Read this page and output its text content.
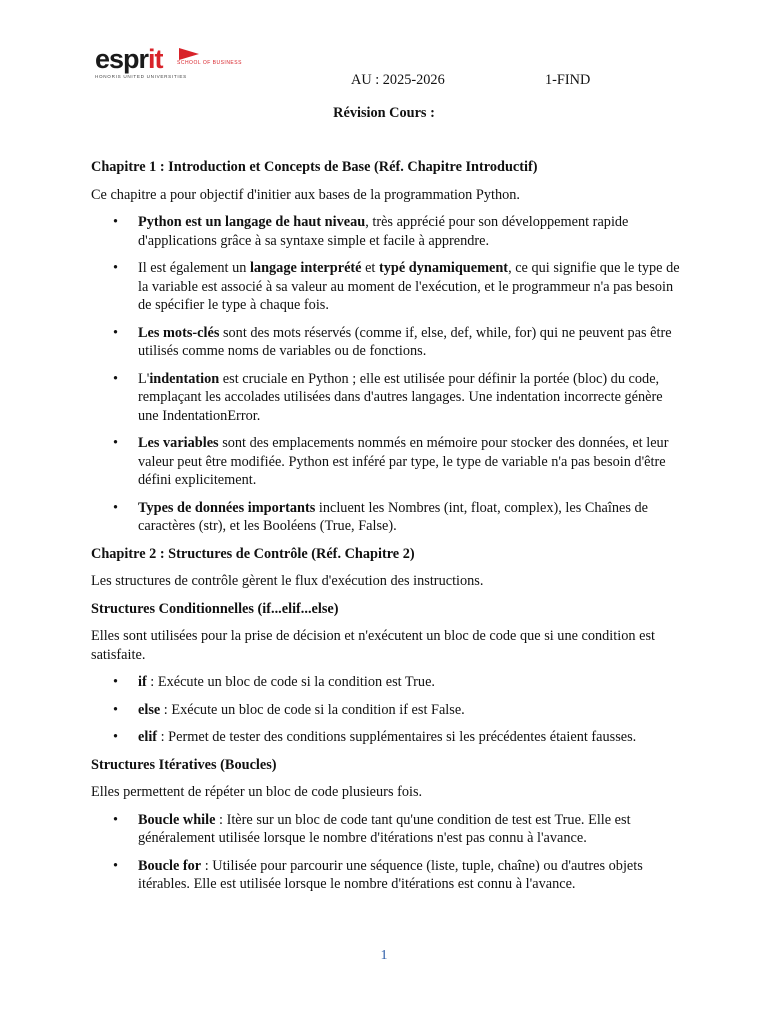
esprit	SCHOOL OF BUSINESS
HONORIS UNITED UNIVERSITIES	AU : 2025-2026	1-FIND
Révision Cours :
Chapitre 1 : Introduction et Concepts de Base (Réf. Chapitre Introductif)
Ce chapitre a pour objectif d'initier aux bases de la programmation Python.
• Python est un langage de haut niveau, très apprécié pour son développement rapide d'applications grâce à sa syntaxe simple et facile à apprendre.
• Il est également un langage interprété et typé dynamiquement, ce qui signifie que le type de la variable est associé à sa valeur au moment de l'exécution, et le programmeur n'a pas besoin de spécifier le type à chaque fois.
• Les mots-clés sont des mots réservés (comme if, else, def, while, for) qui ne peuvent pas être utilisés comme noms de variables ou de fonctions.
• L'indentation est cruciale en Python ; elle est utilisée pour définir la portée (bloc) du code, remplaçant les accolades utilisées dans d'autres langages. Une indentation incorrecte génère une IndentationError.
• Les variables sont des emplacements nommés en mémoire pour stocker des données, et leur valeur peut être modifiée. Python est inféré par type, le type de variable n'a pas besoin d'être défini explicitement.
• Types de données importants incluent les Nombres (int, float, complex), les Chaînes de caractères (str), et les Booléens (True, False).
Chapitre 2 : Structures de Contrôle (Réf. Chapitre 2)
Les structures de contrôle gèrent le flux d'exécution des instructions.
Structures Conditionnelles (if...elif...else)
Elles sont utilisées pour la prise de décision et n'exécutent un bloc de code que si une condition est satisfaite.
• if : Exécute un bloc de code si la condition est True.
• else : Exécute un bloc de code si la condition if est False.
• elif : Permet de tester des conditions supplémentaires si les précédentes étaient fausses.
Structures Itératives (Boucles)
Elles permettent de répéter un bloc de code plusieurs fois.
• Boucle while : Itère sur un bloc de code tant qu'une condition de test est True. Elle est généralement utilisée lorsque le nombre d'itérations n'est pas connu à l'avance.
• Boucle for : Utilisée pour parcourir une séquence (liste, tuple, chaîne) ou d'autres objets itérables. Elle est utilisée lorsque le nombre d'itérations est connu à l'avance.
1
